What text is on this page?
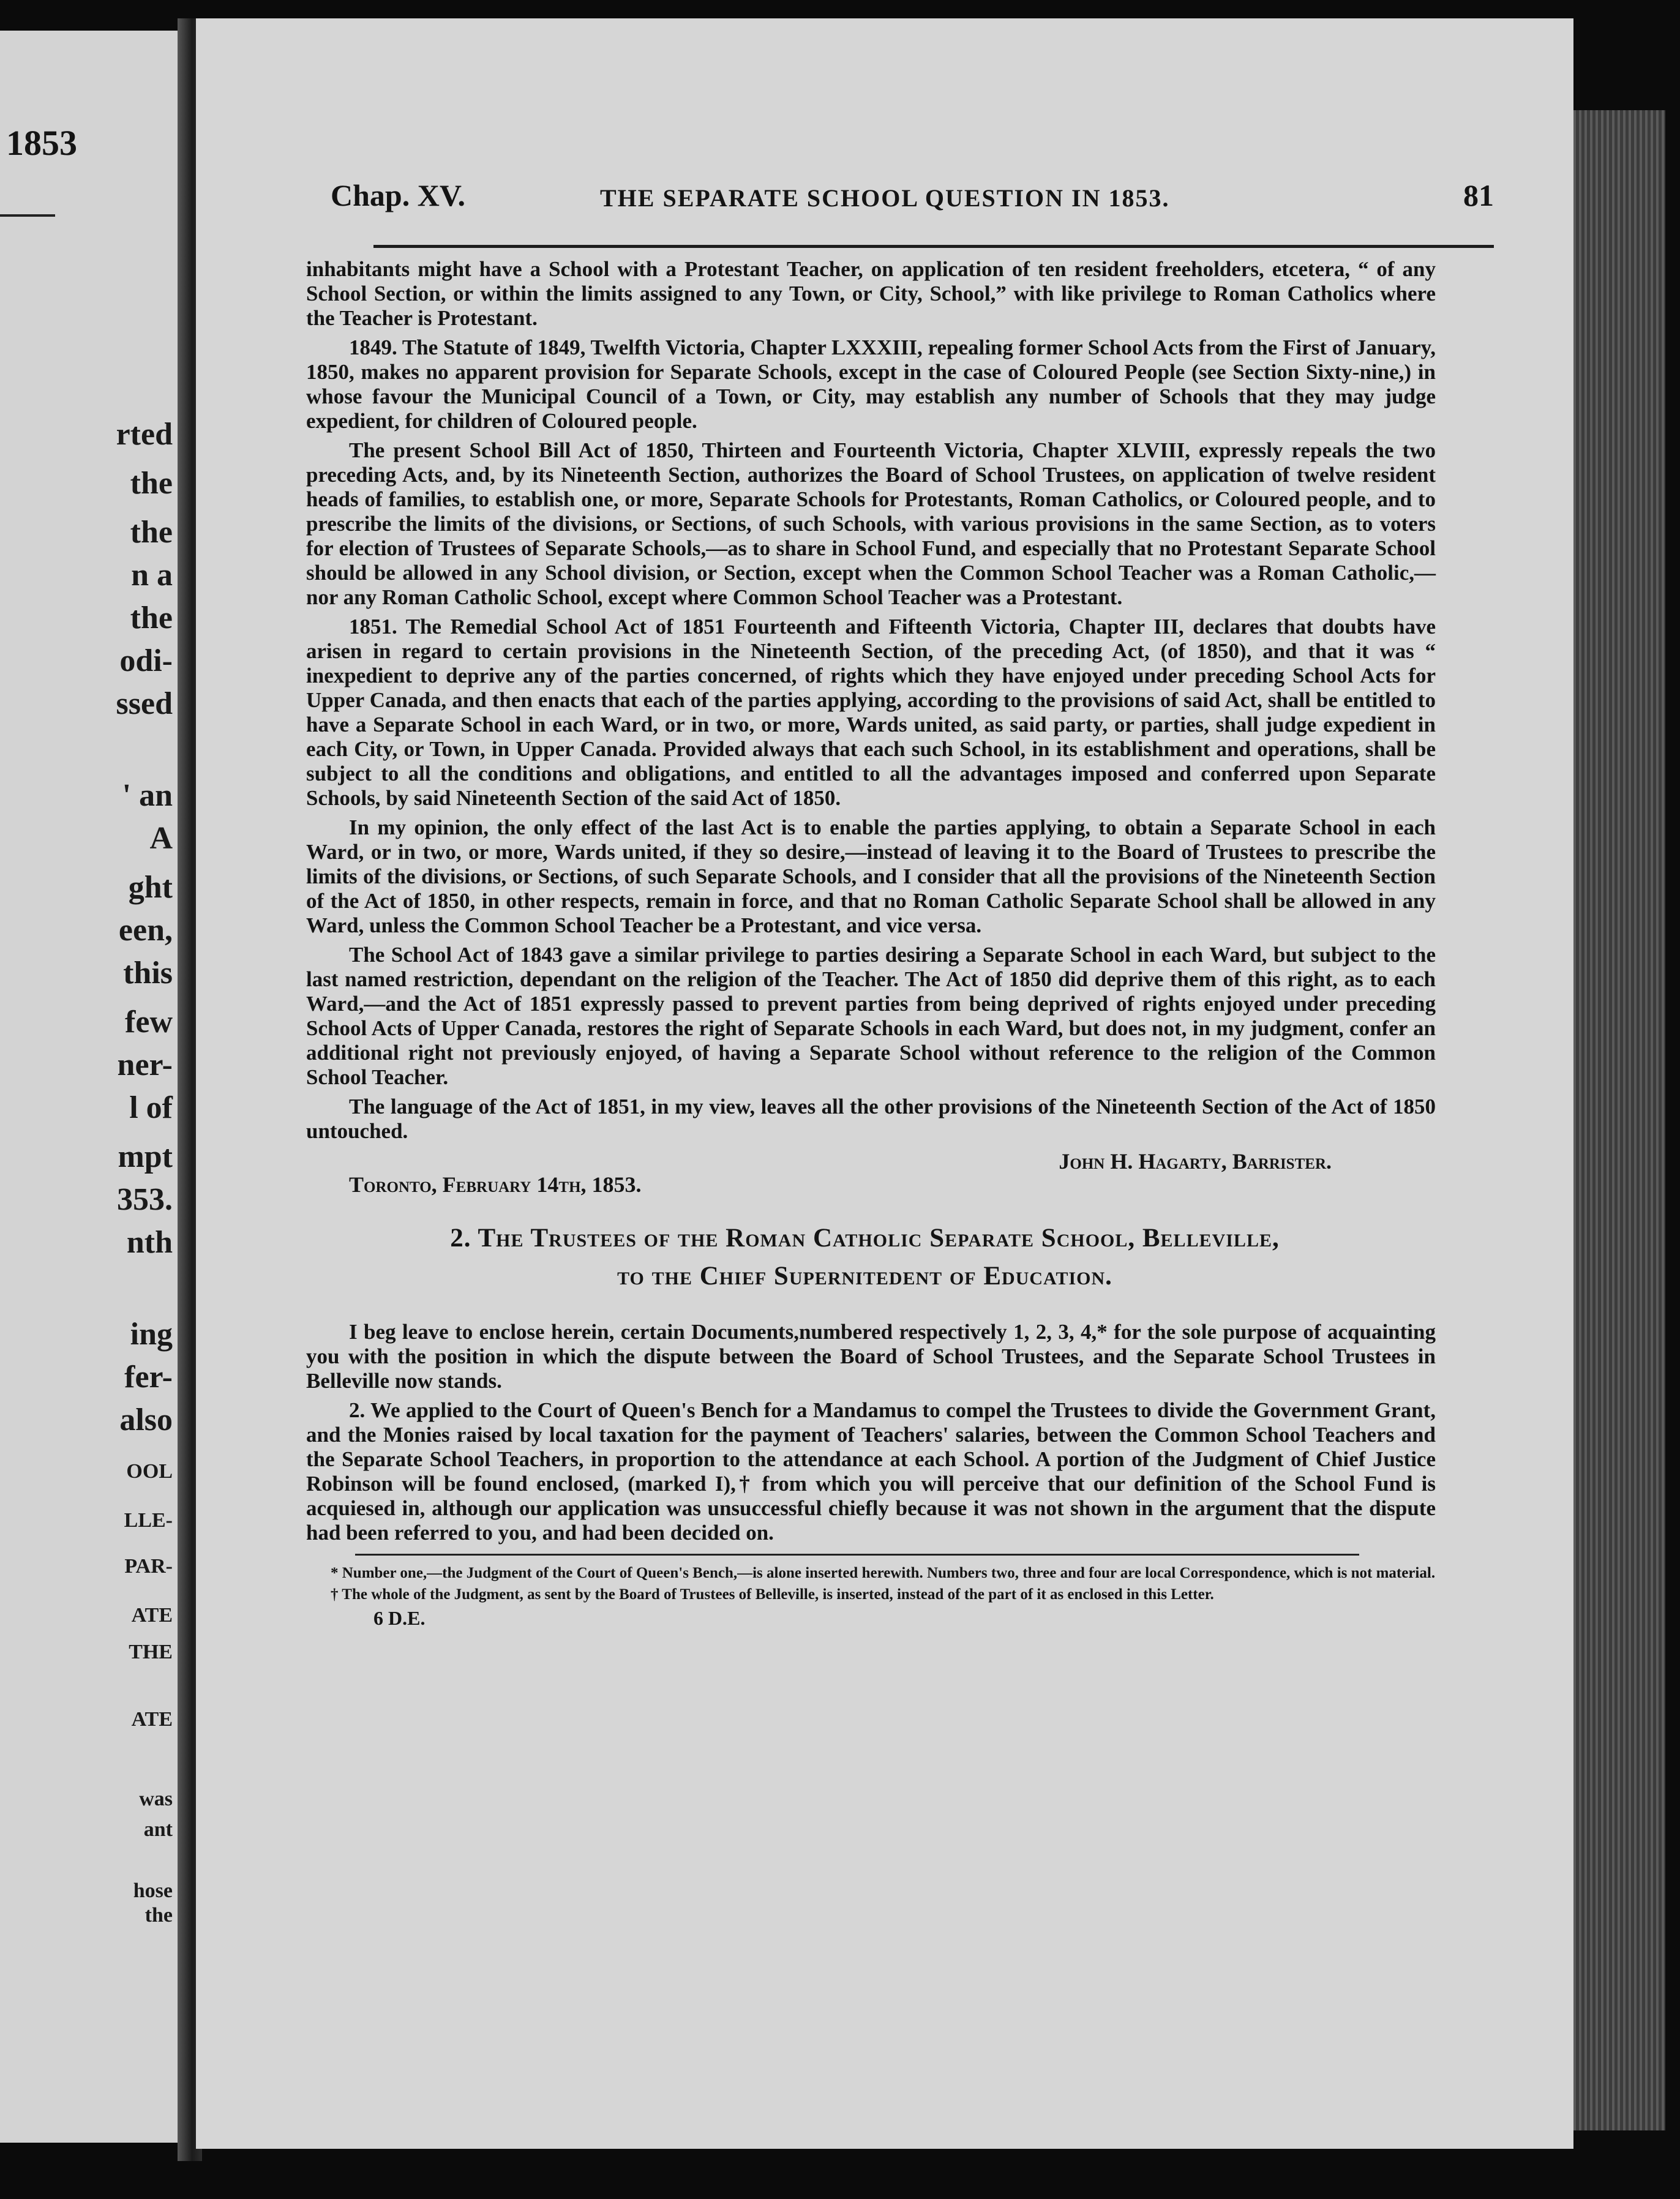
1853
rted
the
the
n a
the
odi-
ssed
' an
A
ght
een,
this
few
ner-
l of
mpt
353.
nth
ing
fer-
also
OOL
LLE-
PAR-
ATE
THE
ATE
was
ant
hose
the
Chap. XV.	THE SEPARATE SCHOOL QUESTION IN 1853.	81

inhabitants might have a School with a Protestant Teacher, on application of ten resident freeholders, etcetera, “ of any School Section, or within the limits assigned to any Town, or City, School,” with like privilege to Roman Catholics where the Teacher is Protestant.

1849. The Statute of 1849, Twelfth Victoria, Chapter LXXXIII, repealing former School Acts from the First of January, 1850, makes no apparent provision for Separate Schools, except in the case of Coloured People (see Section Sixty-nine,) in whose favour the Municipal Council of a Town, or City, may establish any number of Schools that they may judge expedient, for children of Coloured people.

The present School Bill Act of 1850, Thirteen and Fourteenth Victoria, Chapter XLVIII, expressly repeals the two preceding Acts, and, by its Nineteenth Section, authorizes the Board of School Trustees, on application of twelve resident heads of families, to establish one, or more, Separate Schools for Protestants, Roman Catholics, or Coloured people, and to prescribe the limits of the divisions, or Sections, of such Schools, with various provisions in the same Section, as to voters for election of Trustees of Separate Schools,—as to share in School Fund, and especially that no Protestant Separate School should be allowed in any School division, or Section, except when the Common School Teacher was a Roman Catholic,—nor any Roman Catholic School, except where Common School Teacher was a Protestant.

1851. The Remedial School Act of 1851 Fourteenth and Fifteenth Victoria, Chapter III, declares that doubts have arisen in regard to certain provisions in the Nineteenth Section, of the preceding Act, (of 1850), and that it was “ inexpedient to deprive any of the parties concerned, of rights which they have enjoyed under preceding School Acts for Upper Canada, and then enacts that each of the parties applying, according to the provisions of said Act, shall be entitled to have a Separate School in each Ward, or in two, or more, Wards united, as said party, or parties, shall judge expedient in each City, or Town, in Upper Canada. Provided always that each such School, in its establishment and operations, shall be subject to all the conditions and obligations, and entitled to all the advantages imposed and conferred upon Separate Schools, by said Nineteenth Section of the said Act of 1850.

In my opinion, the only effect of the last Act is to enable the parties applying, to obtain a Separate School in each Ward, or in two, or more, Wards united, if they so desire,—instead of leaving it to the Board of Trustees to prescribe the limits of the divisions, or Sections, of such Separate Schools, and I consider that all the provisions of the Nineteenth Section of the Act of 1850, in other respects, remain in force, and that no Roman Catholic Separate School shall be allowed in any Ward, unless the Common School Teacher be a Protestant, and vice versa.

The School Act of 1843 gave a similar privilege to parties desiring a Separate School in each Ward, but subject to the last named restriction, dependant on the religion of the Teacher. The Act of 1850 did deprive them of this right, as to each Ward,—and the Act of 1851 expressly passed to prevent parties from being deprived of rights enjoyed under preceding School Acts of Upper Canada, restores the right of Separate Schools in each Ward, but does not, in my judgment, confer an additional right not previously enjoyed, of having a Separate School without reference to the religion of the Common School Teacher.

The language of the Act of 1851, in my view, leaves all the other provisions of the Nineteenth Section of the Act of 1850 untouched.

John H. Hagarty, Barrister.
Toronto, February 14th, 1853.
2. The Trustees of the Roman Catholic Separate School, Belleville,
to the Chief Supernitedent of Education.

I beg leave to enclose herein, certain Documents,numbered respectively 1, 2, 3, 4,* for the sole purpose of acquainting you with the position in which the dispute between the Board of School Trustees, and the Separate School Trustees in Belleville now stands.

2. We applied to the Court of Queen's Bench for a Mandamus to compel the Trustees to divide the Government Grant, and the Monies raised by local taxation for the payment of Teachers' salaries, between the Common School Teachers and the Separate School Teachers, in proportion to the attendance at each School. A portion of the Judgment of Chief Justice Robinson will be found enclosed, (marked I),† from which you will perceive that our definition of the School Fund is acquiesed in, although our application was unsuccessful chiefly because it was not shown in the argument that the dispute had been referred to you, and had been decided on.

* Number one,—the Judgment of the Court of Queen's Bench,—is alone inserted herewith. Numbers two, three and four are local Correspondence, which is not material.

† The whole of the Judgment, as sent by the Board of Trustees of Belleville, is inserted, instead of the part of it as enclosed in this Letter.

6 D.E.
